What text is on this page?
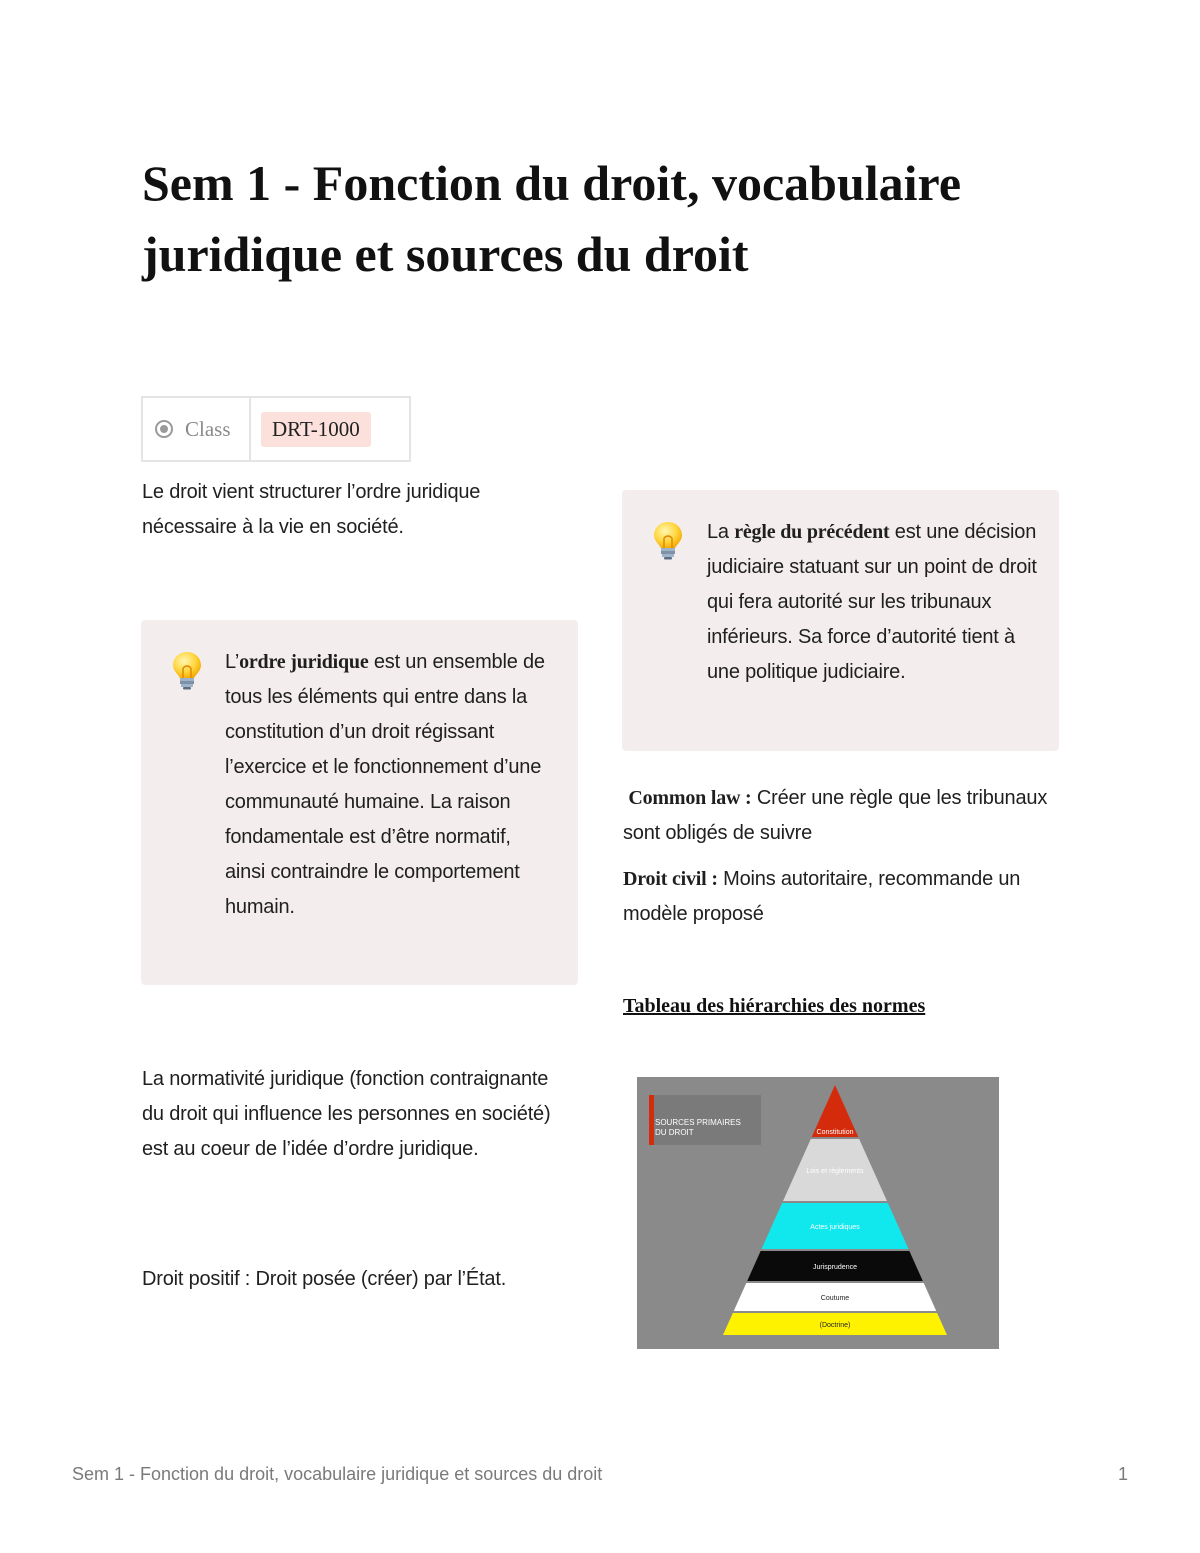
Sem 1 - Fonction du droit, vocabulaire juridique et sources du droit
Class	DRT-1000

Le droit vient structurer l’ordre juridique nécessaire à la vie en société.

L’ordre juridique est un ensemble de tous les éléments qui entre dans la constitution d’un droit régissant l’exercice et le fonctionnement d’une communauté humaine. La raison fondamentale est d’être normatif, ainsi contraindre le comportement humain.

La normativité juridique (fonction contraignante du droit qui influence les personnes en société) est au coeur de l’idée d’ordre juridique.

Droit positif : Droit posée (créer) par l’État.

La règle du précédent est une décision judiciaire statuant sur un point de droit qui fera autorité sur les tribunaux inférieurs. Sa force d’autorité tient à une politique judiciaire.

Common law : Créer une règle que les tribunaux sont obligés de suivre

Droit civil : Moins autoritaire, recommande un modèle proposé

Tableau des hiérarchies des normes
SOURCES PRIMAIRES
DU DROIT	Constitution
Lois et règlements
Actes juridiques
Jurisprudence
Coutume
(Doctrine)
Sem 1 - Fonction du droit, vocabulaire juridique et sources du droit	1
